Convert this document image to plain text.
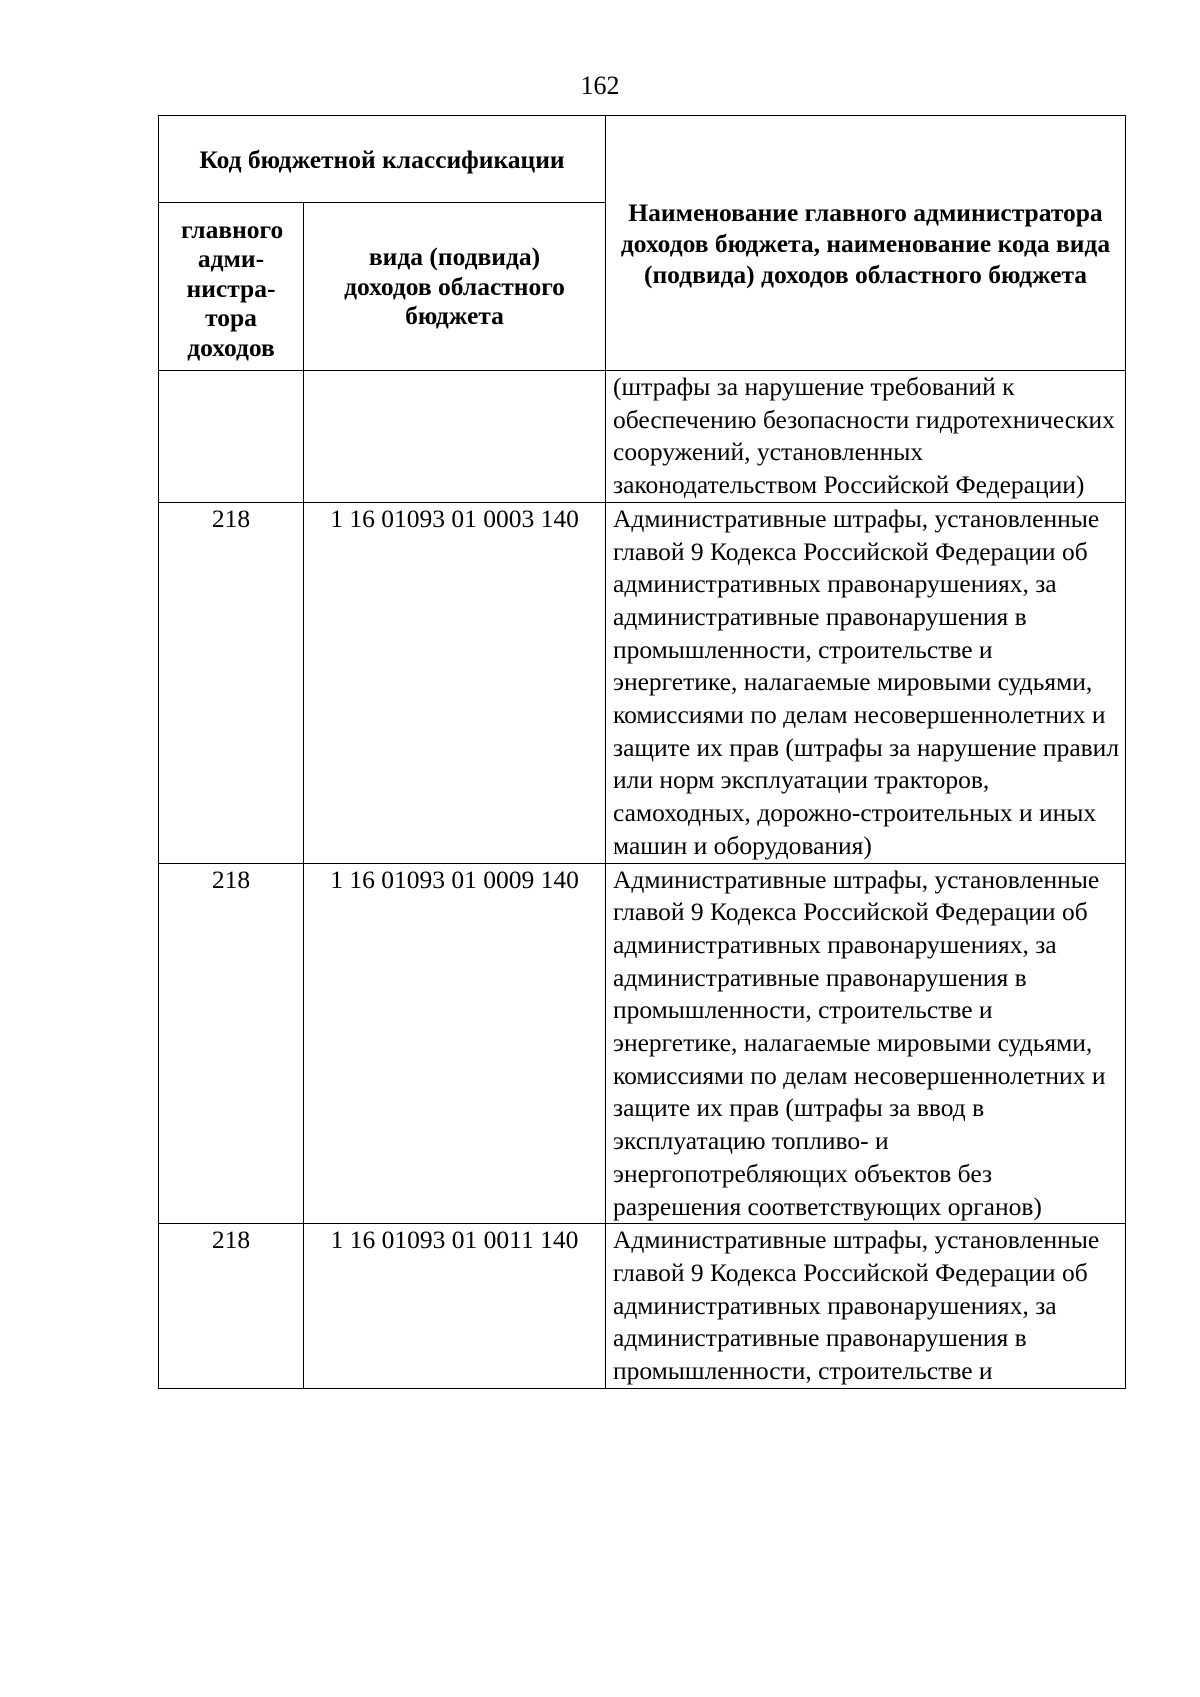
162
Код бюджетной классификации		Наименование главного администратора доходов бюджета, наименование кода вида (подвида) доходов областного бюджета
главного адми-нистра-тора доходов	вида (подвида) доходов областного бюджета	
		(штрафы за нарушение требований к обеспечению безопасности гидротехнических сооружений, установленных законодательством Российской Федерации)
218	1 16 01093 01 0003 140	Административные штрафы, установленные главой 9 Кодекса Российской Федерации об административных правонарушениях, за административные правонарушения в промышленности, строительстве и энергетике, налагаемые мировыми судьями, комиссиями по делам несовершеннолетних и защите их прав (штрафы за нарушение правил или норм эксплуатации тракторов, самоходных, дорожно-строительных и иных машин и оборудования)
218	1 16 01093 01 0009 140	Административные штрафы, установленные главой 9 Кодекса Российской Федерации об административных правонарушениях, за административные правонарушения в промышленности, строительстве и энергетике, налагаемые мировыми судьями, комиссиями по делам несовершеннолетних и защите их прав (штрафы за ввод в эксплуатацию топливо- и энергопотребляющих объектов без разрешения соответствующих органов)
218	1 16 01093 01 0011 140	Административные штрафы, установленные главой 9 Кодекса Российской Федерации об административных правонарушениях, за административные правонарушения в промышленности, строительстве и
